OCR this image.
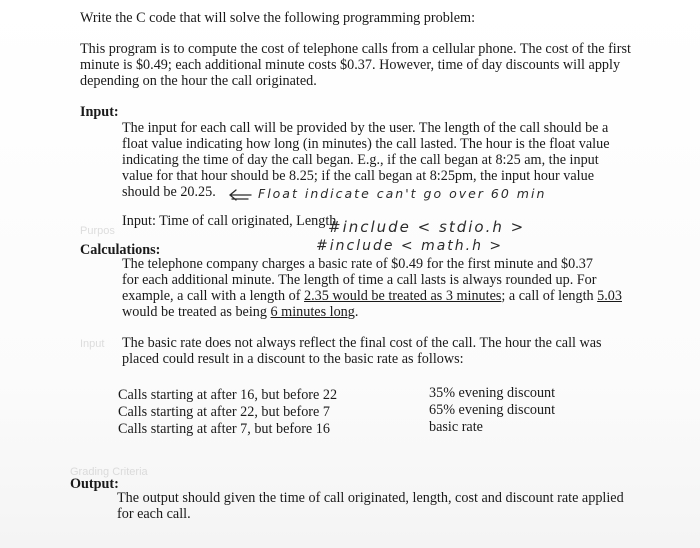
Purpos
Input
Grading Criteria
Write the C code that will solve the following programming problem:
This program is to compute the cost of telephone calls from a cellular phone. The cost of the first
minute is $0.49; each additional minute costs $0.37. However, time of day discounts will apply
depending on the hour the call originated.
Input:
The input for each call will be provided by the user. The length of the call should be a
float value indicating how long (in minutes) the call lasted. The hour is the float value
indicating the time of day the call began. E.g., if the call began at 8:25 am, the input
value for that hour should be 8.25; if the call began at 8:25pm, the input hour value
should be 20.25.	Float indicate can't go over 60 min
Input: Time of call originated, Length
#include < stdio.h >
#include < math.h >
Calculations:
The telephone company charges a basic rate of $0.49 for the first minute and $0.37
for each additional minute. The length of time a call lasts is always rounded up. For
example, a call with a length of 2.35 would be treated as 3 minutes; a call of length 5.03
would be treated as being 6 minutes long.
The basic rate does not always reflect the final cost of the call. The hour the call was
placed could result in a discount to the basic rate as follows:
Calls starting at after 16, but before 22	35% evening discount
Calls starting at after 22, but before 7	65% evening discount
Calls starting at after 7, but before 16	basic rate
Output:
The output should given the time of call originated, length, cost and discount rate applied
for each call.
